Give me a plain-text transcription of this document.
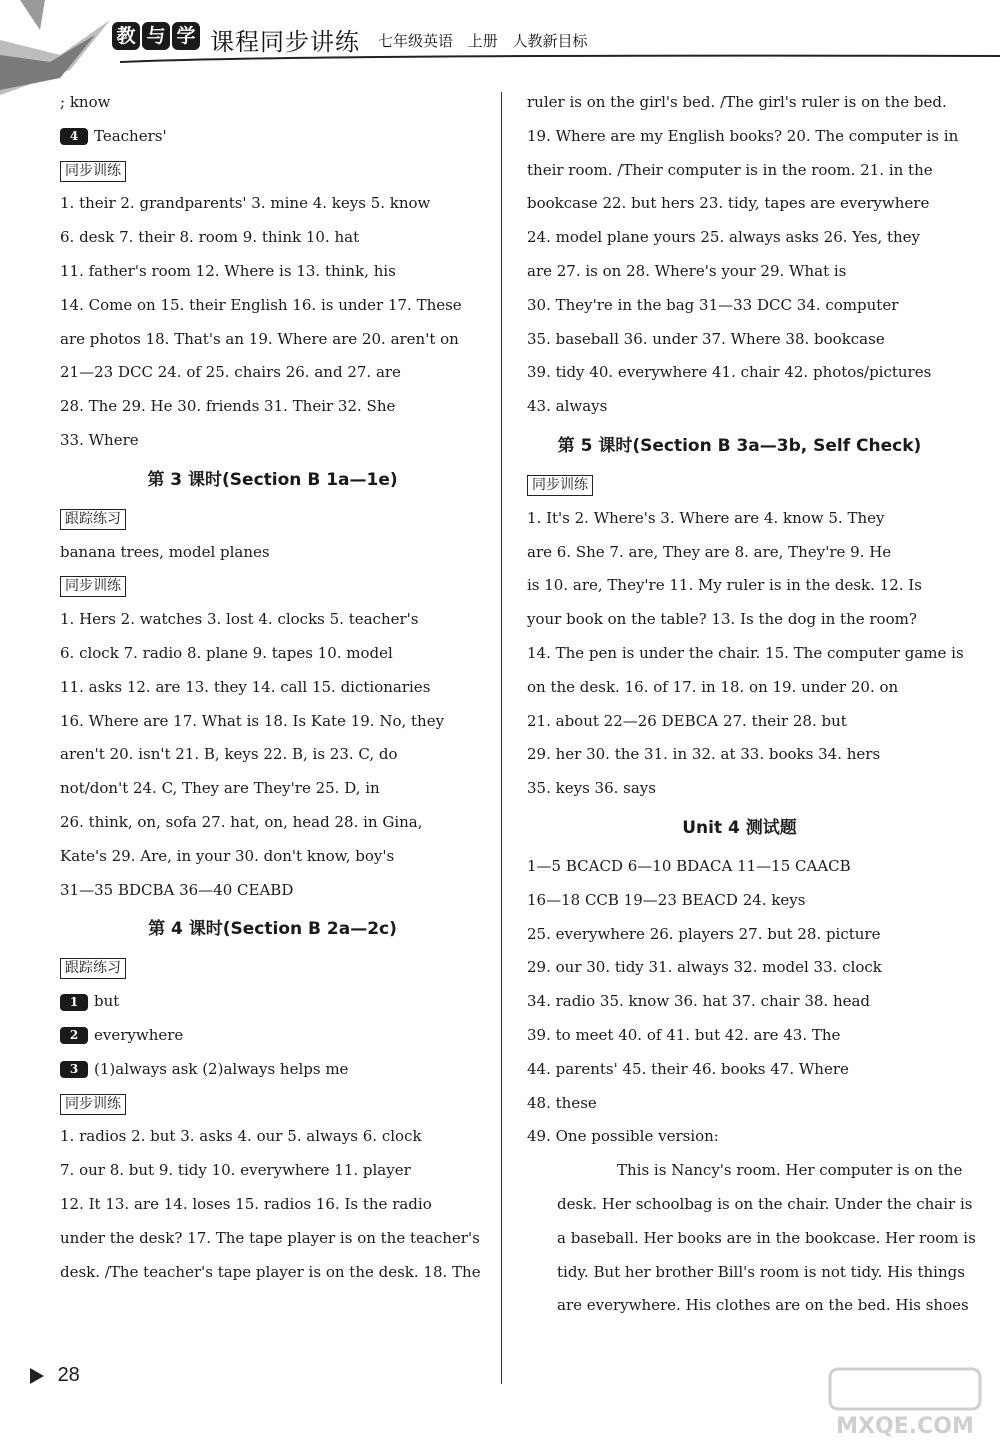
教 与 学 课程同步讲练 七年级英语 上册 人教新目标
; know
4 Teachers'
同步训练
1. their 2. grandparents' 3. mine 4. keys 5. know
6. desk 7. their 8. room 9. think 10. hat
11. father's room 12. Where is 13. think, his
14. Come on 15. their English 16. is under 17. These
are photos 18. That's an 19. Where are 20. aren't on
21—23 DCC 24. of 25. chairs 26. and 27. are
28. The 29. He 30. friends 31. Their 32. She
33. Where
第 3 课时(Section B 1a—1e)
跟踪练习
banana trees, model planes
同步训练
1. Hers 2. watches 3. lost 4. clocks 5. teacher's
6. clock 7. radio 8. plane 9. tapes 10. model
11. asks 12. are 13. they 14. call 15. dictionaries
16. Where are 17. What is 18. Is Kate 19. No, they
aren't 20. isn't 21. B, keys 22. B, is 23. C, do
not/don't 24. C, They are They're 25. D, in
26. think, on, sofa 27. hat, on, head 28. in Gina,
Kate's 29. Are, in your 30. don't know, boy's
31—35 BDCBA 36—40 CEABD
第 4 课时(Section B 2a—2c)
跟踪练习
1 but
2 everywhere
3 (1)always ask (2)always helps me
同步训练
1. radios 2. but 3. asks 4. our 5. always 6. clock
7. our 8. but 9. tidy 10. everywhere 11. player
12. It 13. are 14. loses 15. radios 16. Is the radio
under the desk? 17. The tape player is on the teacher's
desk. /The teacher's tape player is on the desk. 18. The
ruler is on the girl's bed. /The girl's ruler is on the bed.
19. Where are my English books? 20. The computer is in
their room. /Their computer is in the room. 21. in the
bookcase 22. but hers 23. tidy, tapes are everywhere
24. model plane yours 25. always asks 26. Yes, they
are 27. is on 28. Where's your 29. What is
30. They're in the bag 31—33 DCC 34. computer
35. baseball 36. under 37. Where 38. bookcase
39. tidy 40. everywhere 41. chair 42. photos/pictures
43. always
第 5 课时(Section B 3a—3b, Self Check)
同步训练
1. It's 2. Where's 3. Where are 4. know 5. They
are 6. She 7. are, They are 8. are, They're 9. He
is 10. are, They're 11. My ruler is in the desk. 12. Is
your book on the table? 13. Is the dog in the room?
14. The pen is under the chair. 15. The computer game is
on the desk. 16. of 17. in 18. on 19. under 20. on
21. about 22—26 DEBCA 27. their 28. but
29. her 30. the 31. in 32. at 33. books 34. hers
35. keys 36. says
Unit 4 测试题
1—5 BCACD 6—10 BDACA 11—15 CAACB
16—18 CCB 19—23 BEACD 24. keys
25. everywhere 26. players 27. but 28. picture
29. our 30. tidy 31. always 32. model 33. clock
34. radio 35. know 36. hat 37. chair 38. head
39. to meet 40. of 41. but 42. are 43. The
44. parents' 45. their 46. books 47. Where
48. these
49. One possible version:
This is Nancy's room. Her computer is on the
desk. Her schoolbag is on the chair. Under the chair is
a baseball. Her books are in the bookcase. Her room is
tidy. But her brother Bill's room is not tidy. His things
are everywhere. His clothes are on the bed. His shoes
28
MXQE.COM
